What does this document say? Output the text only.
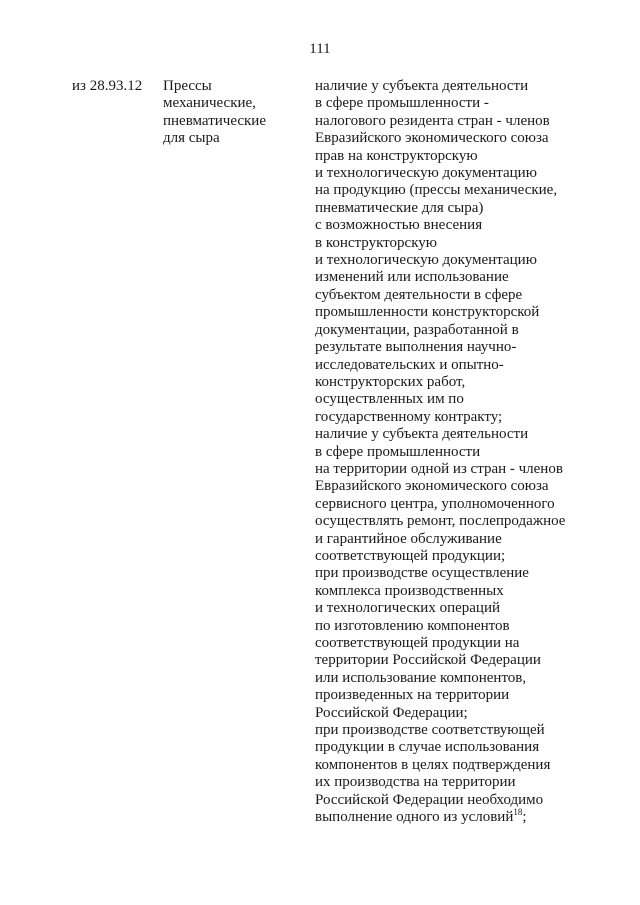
111
из 28.93.12 Прессы
механические,
пневматические
для сыра
наличие у субъекта деятельности
в сфере промышленности -
налогового резидента стран - членов
Евразийского экономического союза
прав на конструкторскую
и технологическую документацию
на продукцию (прессы механические,
пневматические для сыра)
с возможностью внесения
в конструкторскую
и технологическую документацию
изменений или использование
субъектом деятельности в сфере
промышленности конструкторской
документации, разработанной в
результате выполнения научно-
исследовательских и опытно-
конструкторских работ,
осуществленных им по
государственному контракту;
наличие у субъекта деятельности
в сфере промышленности
на территории одной из стран - членов
Евразийского экономического союза
сервисного центра, уполномоченного
осуществлять ремонт, послепродажное
и гарантийное обслуживание
соответствующей продукции;
при производстве осуществление
комплекса производственных
и технологических операций
по изготовлению компонентов
соответствующей продукции на
территории Российской Федерации
или использование компонентов,
произведенных на территории
Российской Федерации;
при производстве соответствующей
продукции в случае использования
компонентов в целях подтверждения
их производства на территории
Российской Федерации необходимо
выполнение одного из условий$^{18}$;
